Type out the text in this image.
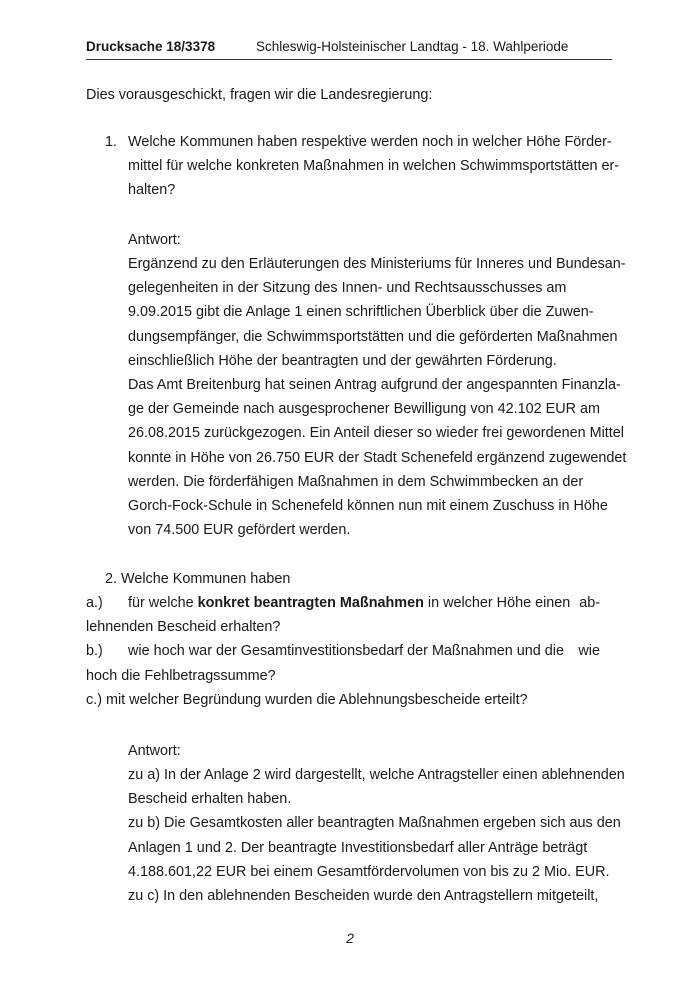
Drucksache 18/3378	Schleswig-Holsteinischer Landtag - 18. Wahlperiode
Dies vorausgeschickt, fragen wir die Landesregierung:
1. Welche Kommunen haben respektive werden noch in welcher Höhe Förder-
mittel für welche konkreten Maßnahmen in welchen Schwimmsportstätten er-
halten?
Antwort:
Ergänzend zu den Erläuterungen des Ministeriums für Inneres und Bundesan-
gelegenheiten in der Sitzung des Innen- und Rechtsausschusses am
9.09.2015 gibt die Anlage 1 einen schriftlichen Überblick über die Zuwen-
dungsempfänger, die Schwimmsportstätten und die geförderten Maßnahmen
einschließlich Höhe der beantragten und der gewährten Förderung.
Das Amt Breitenburg hat seinen Antrag aufgrund der angespannten Finanzla-
ge der Gemeinde nach ausgesprochener Bewilligung von 42.102 EUR am
26.08.2015 zurückgezogen. Ein Anteil dieser so wieder frei gewordenen Mittel
konnte in Höhe von 26.750 EUR der Stadt Schenefeld ergänzend zugewendet
werden. Die förderfähigen Maßnahmen in dem Schwimmbecken an der
Gorch-Fock-Schule in Schenefeld können nun mit einem Zuschuss in Höhe
von 74.500 EUR gefördert werden.
2. Welche Kommunen haben
a.) für welche konkret beantragten Maßnahmen in welcher Höhe einen ab-
lehnenden Bescheid erhalten?
b.) wie hoch war der Gesamtinvestitionsbedarf der Maßnahmen und die wie
hoch die Fehlbetragssumme?
c.) mit welcher Begründung wurden die Ablehnungsbescheide erteilt?
Antwort:
zu a) In der Anlage 2 wird dargestellt, welche Antragsteller einen ablehnenden
Bescheid erhalten haben.
zu b) Die Gesamtkosten aller beantragten Maßnahmen ergeben sich aus den
Anlagen 1 und 2. Der beantragte Investitionsbedarf aller Anträge beträgt
4.188.601,22 EUR bei einem Gesamtfördervolumen von bis zu 2 Mio. EUR.
zu c) In den ablehnenden Bescheiden wurde den Antragstellern mitgeteilt,
2
